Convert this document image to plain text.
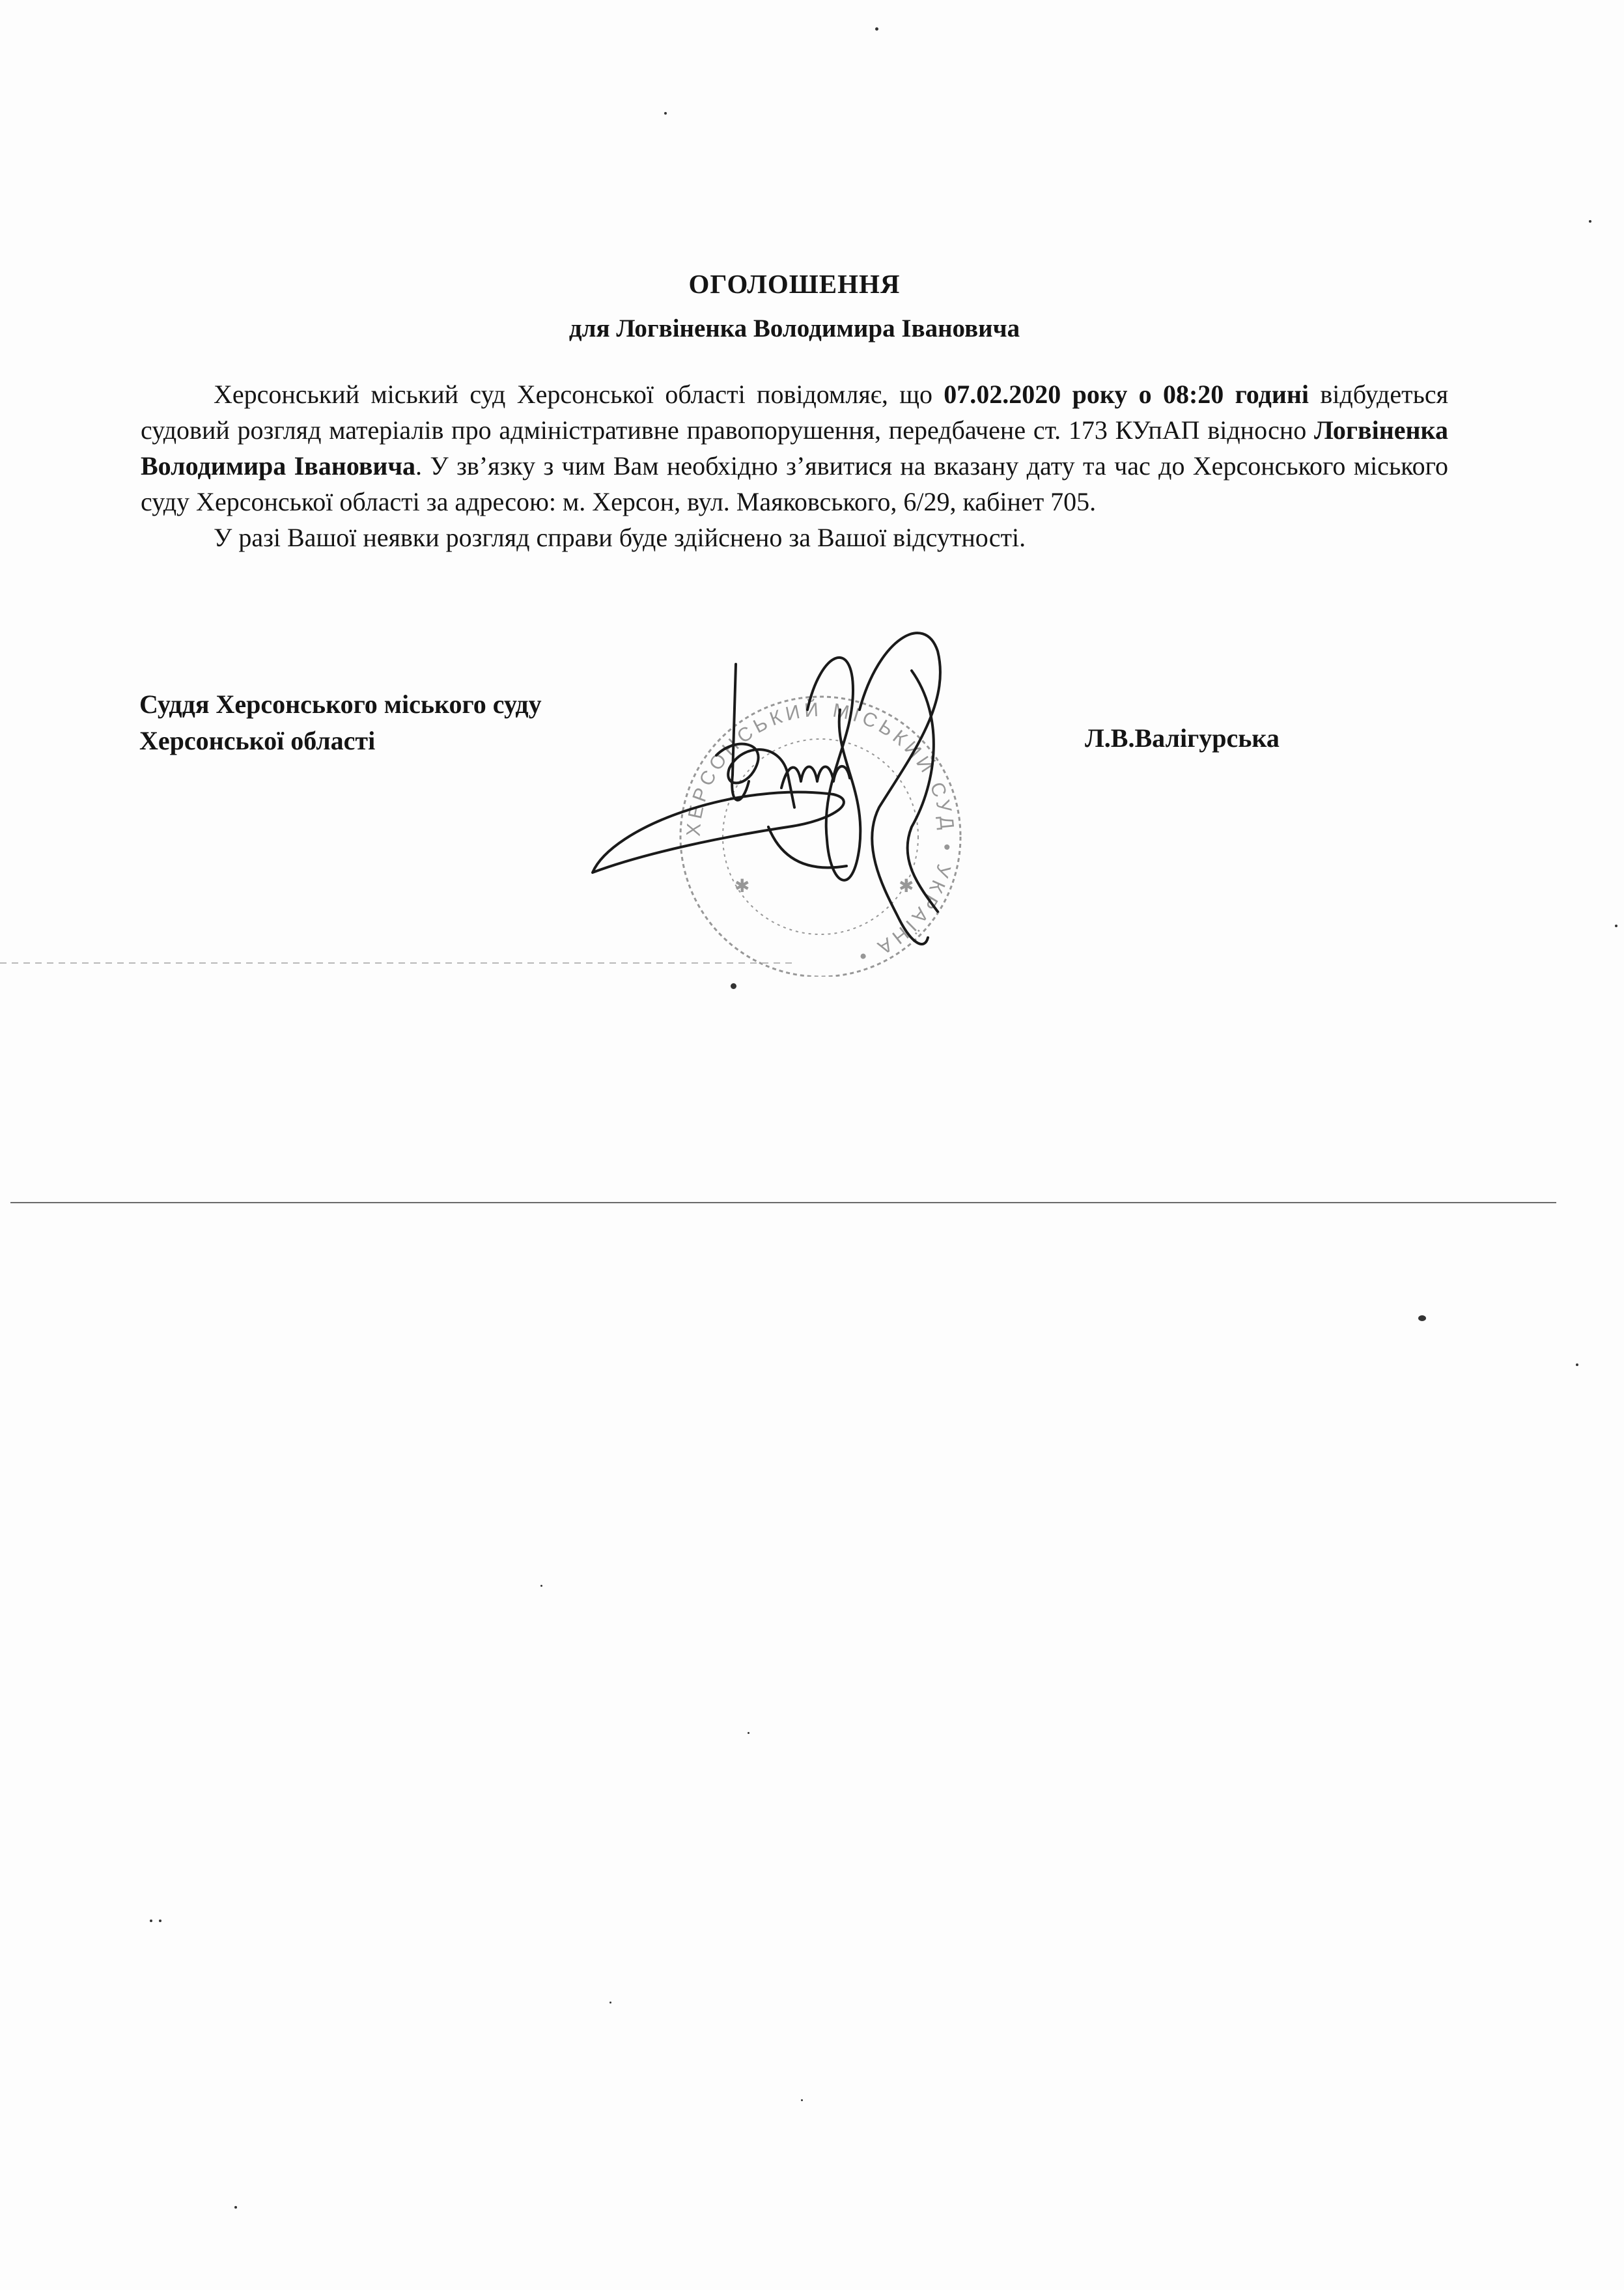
ОГОЛОШЕННЯ
для Логвіненка Володимира Івановича

Херсонський міський суд Херсонської області повідомляє, що 07.02.2020 року о 08:20 годині відбудеться судовий розгляд матеріалів про адміністративне правопорушення, передбачене ст. 173 КУпАП відносно Логвіненка Володимира Івановича. У зв’язку з чим Вам необхідно з’явитися на вказану дату та час до Херсонського міського суду Херсонської області за адресою: м. Херсон, вул. Маяковського, 6/29, кабінет 705.

У разі Вашої неявки розгляд справи буде здійснено за Вашої відсутності.

Суддя Херсонського міського суду
Херсонської області	Л.В.Валігурська
ХЕРСОНСЬКИЙ МІСЬКИЙ СУД • УКРАЇНА •
✱	✱
